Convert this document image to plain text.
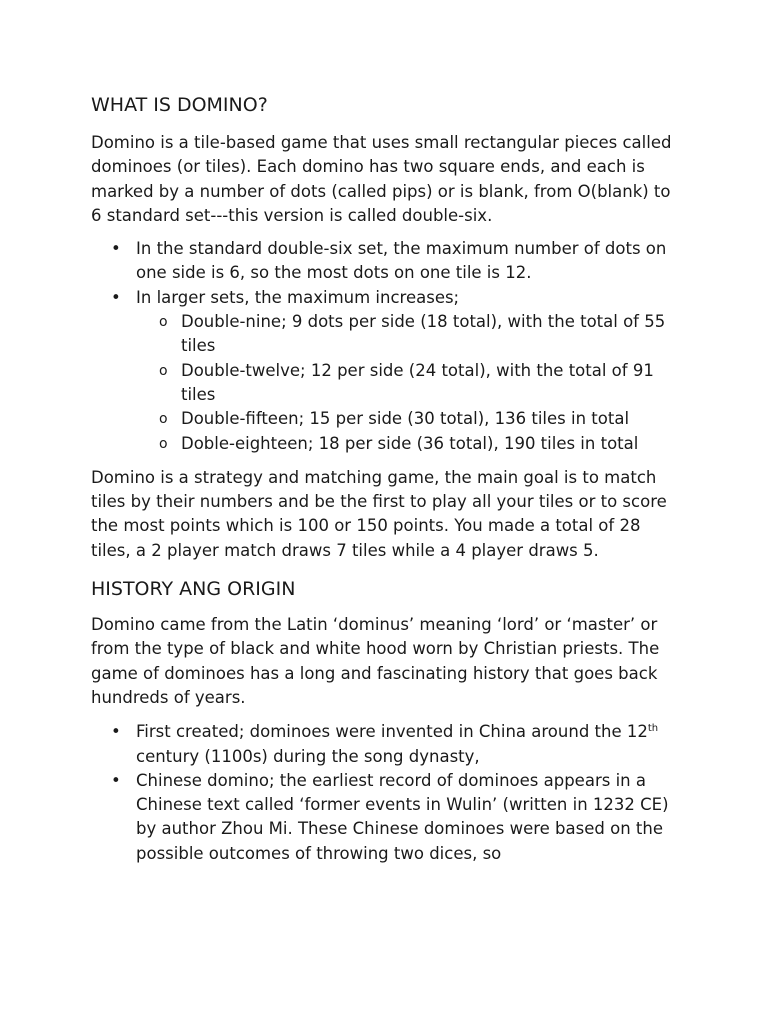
WHAT IS DOMINO?

Domino is a tile-based game that uses small rectangular pieces called dominoes (or tiles). Each domino has two square ends, and each is marked by a number of dots (called pips) or is blank, from O(blank) to 6 standard set---this version is called double-six.

• In the standard double-six set, the maximum number of dots on one side is 6, so the most dots on one tile is 12.
• In larger sets, the maximum increases;
o Double-nine; 9 dots per side (18 total), with the total of 55 tiles
o Double-twelve; 12 per side (24 total), with the total of 91 tiles
o Double-fifteen; 15 per side (30 total), 136 tiles in total
o Doble-eighteen; 18 per side (36 total), 190 tiles in total

Domino is a strategy and matching game, the main goal is to match tiles by their numbers and be the first to play all your tiles or to score the most points which is 100 or 150 points. You made a total of 28 tiles, a 2 player match draws 7 tiles while a 4 player draws 5.

HISTORY ANG ORIGIN

Domino came from the Latin ‘dominus’ meaning ‘lord’ or ‘master’ or from the type of black and white hood worn by Christian priests. The game of dominoes has a long and fascinating history that goes back hundreds of years.

• First created; dominoes were invented in China around the 12th century (1100s) during the song dynasty,
• Chinese domino; the earliest record of dominoes appears in a Chinese text called ‘former events in Wulin’ (written in 1232 CE) by author Zhou Mi. These Chinese dominoes were based on the possible outcomes of throwing two dices, so
